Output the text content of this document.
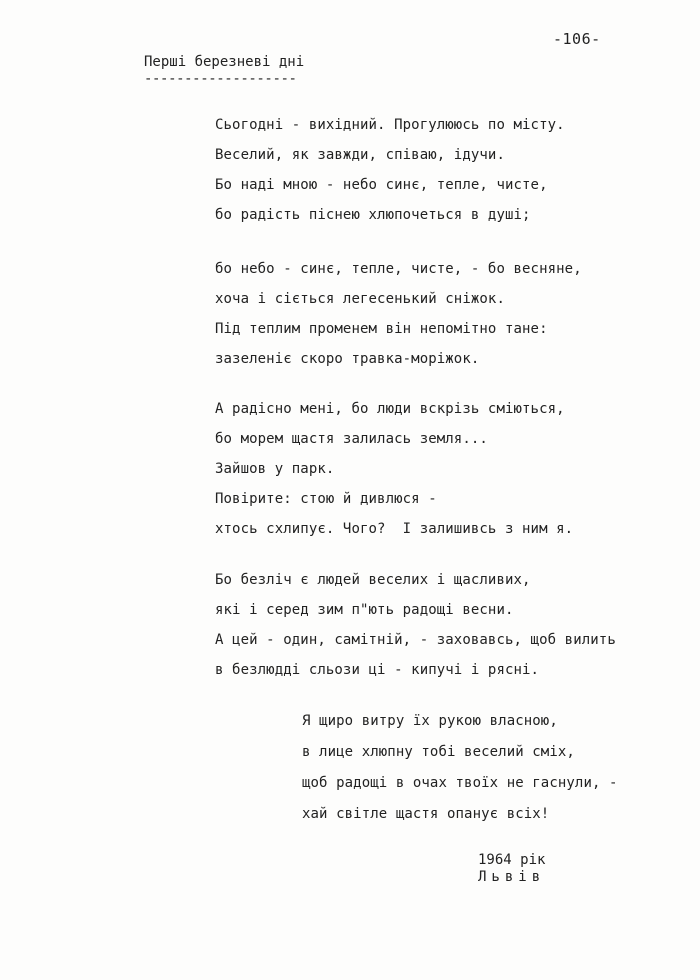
-106-
Перші березневі дні
-------------------
Сьогодні - вихідний. Прогулююсь по місту.
Веселий, як завжди, співаю, ідучи.
Бо наді мною - небо синє, тепле, чисте,
бо радість піснею хлюпочеться в душі;
бо небо - синє, тепле, чисте, - бо весняне,
хоча і сіється легесенький сніжок.
Під теплим променем він непомітно тане:
зазеленіє скоро травка-моріжок.
А радісно мені, бо люди вскрізь сміються,
бо морем щастя залилась земля...
Зайшов у парк.
Повірите: стою й дивлюся -
хтось схлипує. Чого?  І залишивсь з ним я.
Бо безліч є людей веселих і щасливих,
які і серед зим п"ють радощі весни.
А цей - один, самітній, - заховавсь, щоб вилить
в безлюдді сльози ці - кипучі і рясні.
Я щиро витру їх рукою власною,
в лице хлюпну тобі веселий сміх,
щоб радощі в очах твоїх не гаснули, -
хай світле щастя опанує всіх!
1964 рік
Львів
